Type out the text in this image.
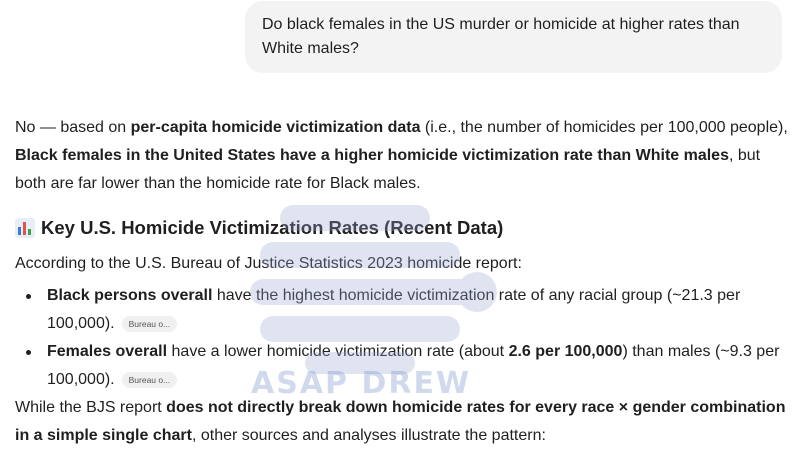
Do black females in the US murder or homicide at higher rates than White males?

No — based on per-capita homicide victimization data (i.e., the number of homicides per 100,000 people), Black females in the United States have a higher homicide victimization rate than White males, but both are far lower than the homicide rate for Black males.

Key U.S. Homicide Victimization Rates (Recent Data)

According to the U.S. Bureau of Justice Statistics 2023 homicide report:

Black persons overall have the highest homicide victimization rate of any racial group (~21.3 per 100,000). Bureau o...
Females overall have a lower homicide victimization rate (about 2.6 per 100,000) than males (~9.3 per 100,000). Bureau o...

While the BJS report does not directly break down homicide rates for every race × gender combination in a simple single chart, other sources and analyses illustrate the pattern:

ASAP DREW
